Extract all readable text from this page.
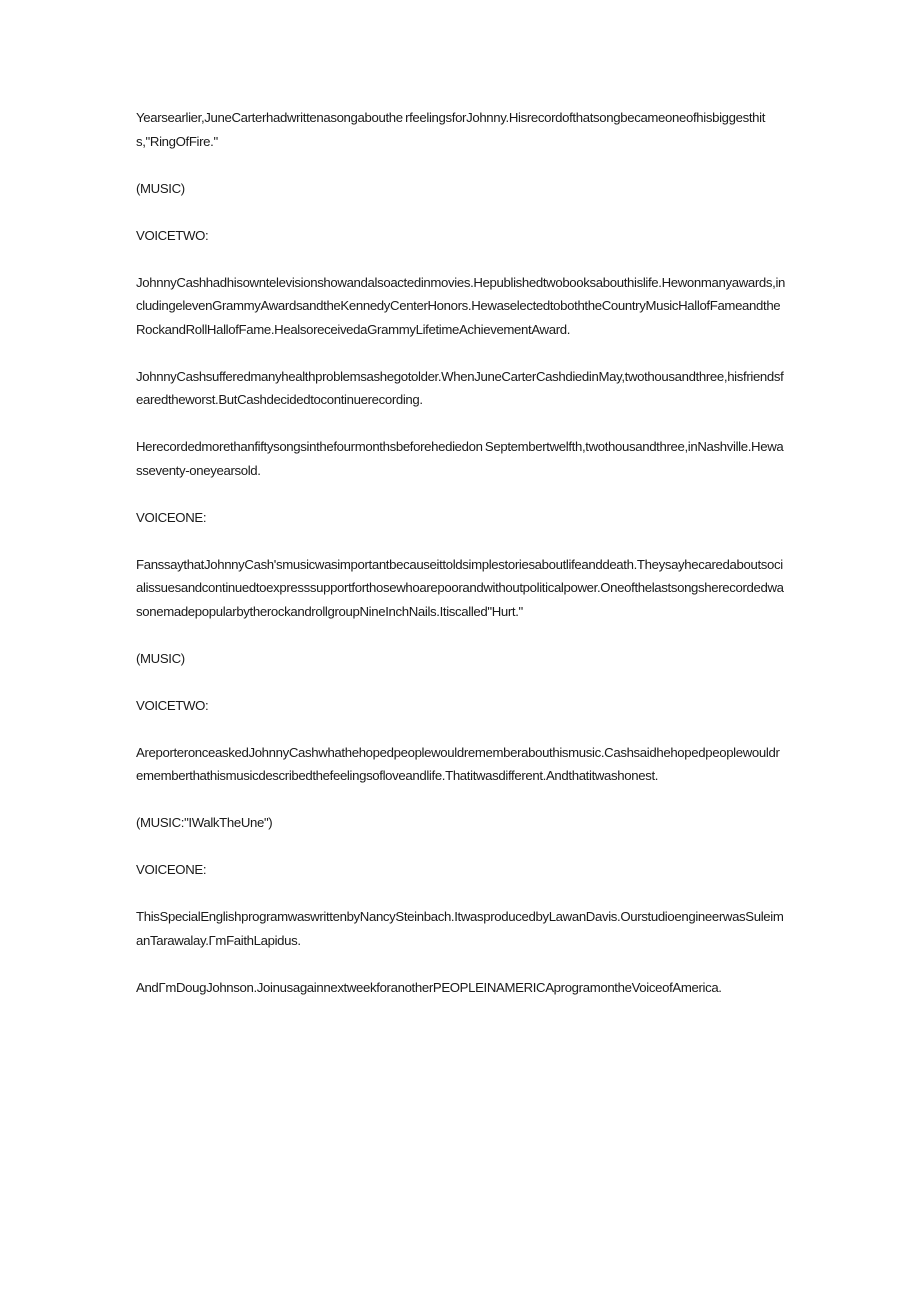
Yearsearlier,JuneCarterhadwrittenasongabouthe rfeelingsforJohnny.Hisrecordofthatsongbecameoneofhisbiggesthits,"RingOfFire."

(MUSIC)

VOICETWO:

JohnnyCashhadhisowntelevisionshowandalsoactedinmovies.Hepublishedtwobooksabouthislife.Hewonmanyawards,includingelevenGrammyAwardsandtheKennedyCenterHonors.HewaselectedtoboththeCountryMusicHallofFameandtheRockandRollHallofFame.HealsoreceivedaGrammyLifetimeAchievementAward.

JohnnyCashsufferedmanyhealthproblemsashegotolder.WhenJuneCarterCashdiedinMay,twothousandthree,hisfriendsfearedtheworst.ButCashdecidedtocontinuerecording.

Herecordedmorethanfiftysongsinthefourmonthsbeforehediedon Septembertwelfth,twothousandthree,inNashville.Hewasseventy-oneyearsold.

VOICEONE:

FanssaythatJohnnyCash'smusicwasimportantbecauseittoldsimplestoriesaboutlifeanddeath.Theysayhecaredaboutsocialissuesandcontinuedtoexpresssupportforthosewhoarepoorandwithoutpoliticalpower.OneofthelastsongsherecordedwasonemadepopularbytherockandrollgroupNineInchNails.Itiscalled"Hurt."

(MUSIC)

VOICETWO:

AreporteronceaskedJohnnyCashwhathehopedpeoplewouldrememberabouthismusic.Cashsaidhehopedpeoplewouldrememberthathismusicdescribedthefeelingsofloveandlife.Thatitwasdifferent.Andthatitwashonest.

(MUSIC:"IWalkTheUne")

VOICEONE:

ThisSpecialEnglishprogramwaswrittenbyNancySteinbach.ItwasproducedbyLawanDavis.OurstudioengineerwasSuleimanTarawalay.ΓmFaithLapidus.

AndΓmDougJohnson.JoinusagainnextweekforanotherPEOPLEINAMERICAprogramontheVoiceofAmerica.
